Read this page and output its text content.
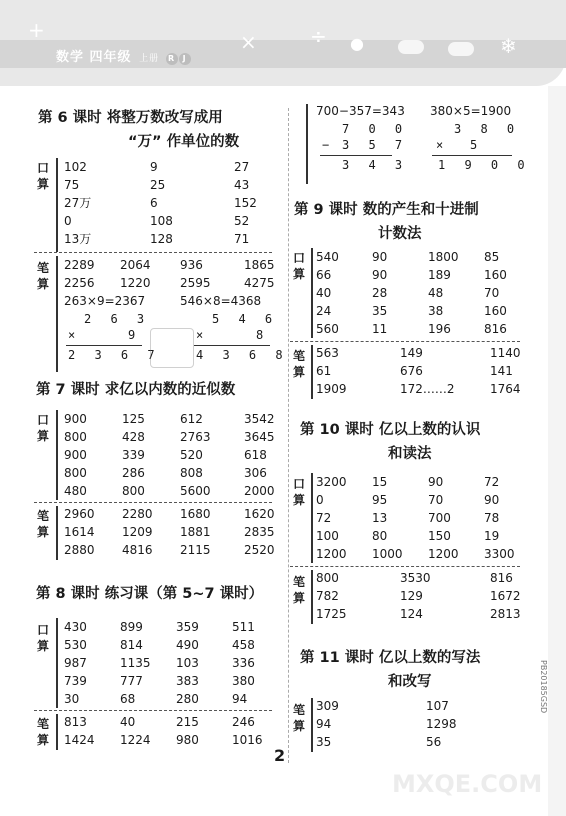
数学 四年级 上册 R J
+	×	÷ ●	❄
第 6 课时 将整万数改写成用
“万” 作单位的数
口
算
102	9	27
75	25	43
27万	6	152
0	108	52
13万	128	71
笔
算
2289 2064 936	1865
2256 1220 2595	4275
263×9=2367	546×8=4368
2 6 3
×	9
2 3 6 7
5 4 6
×	8
4 3 6 8
第 7 课时 求亿以内数的近似数
口
算
900	125	612	3542
800	428	2763	3645
900	339	520	618
800	286	808	306
480	800	5600	2000
笔
算
2960 2280 1680	1620
1614 1209 1881	2835
2880 4816 2115	2520
第 8 课时 练习课（第 5~7 课时）
口
算
430	899	359	511
530	814	490	458
987	1135 103	336
739	777	383	380
30	68	280	94
笔
算
813	40	215	246
1424 1224 980	1016
700−357=343 380×5=1900
7 0 0
− 3 5 7
3 4 3
3 8 0
× 5
1 9 0 0
第 9 课时 数的产生和十进制
计数法
口
算
540	90	1800 85
66	90	189	160
40	28	48	70
24	35	38	160
560	11	196	816
笔
算
563	149	1140
61	676	141
1909	172……2	1764
第 10 课时 亿以上数的认识
和读法
口
算
3200 15	90	72
0	95	70	90
72	13	700	78
100	80	150	19
1200 1000 1200 3300
笔
算
800	3530	816
782	129	1672
1725	124	2813
第 11 课时 亿以上数的写法
和改写
笔
算
309	107
94	1298
35	56
2
PB20185GSD
MXQE.COM
